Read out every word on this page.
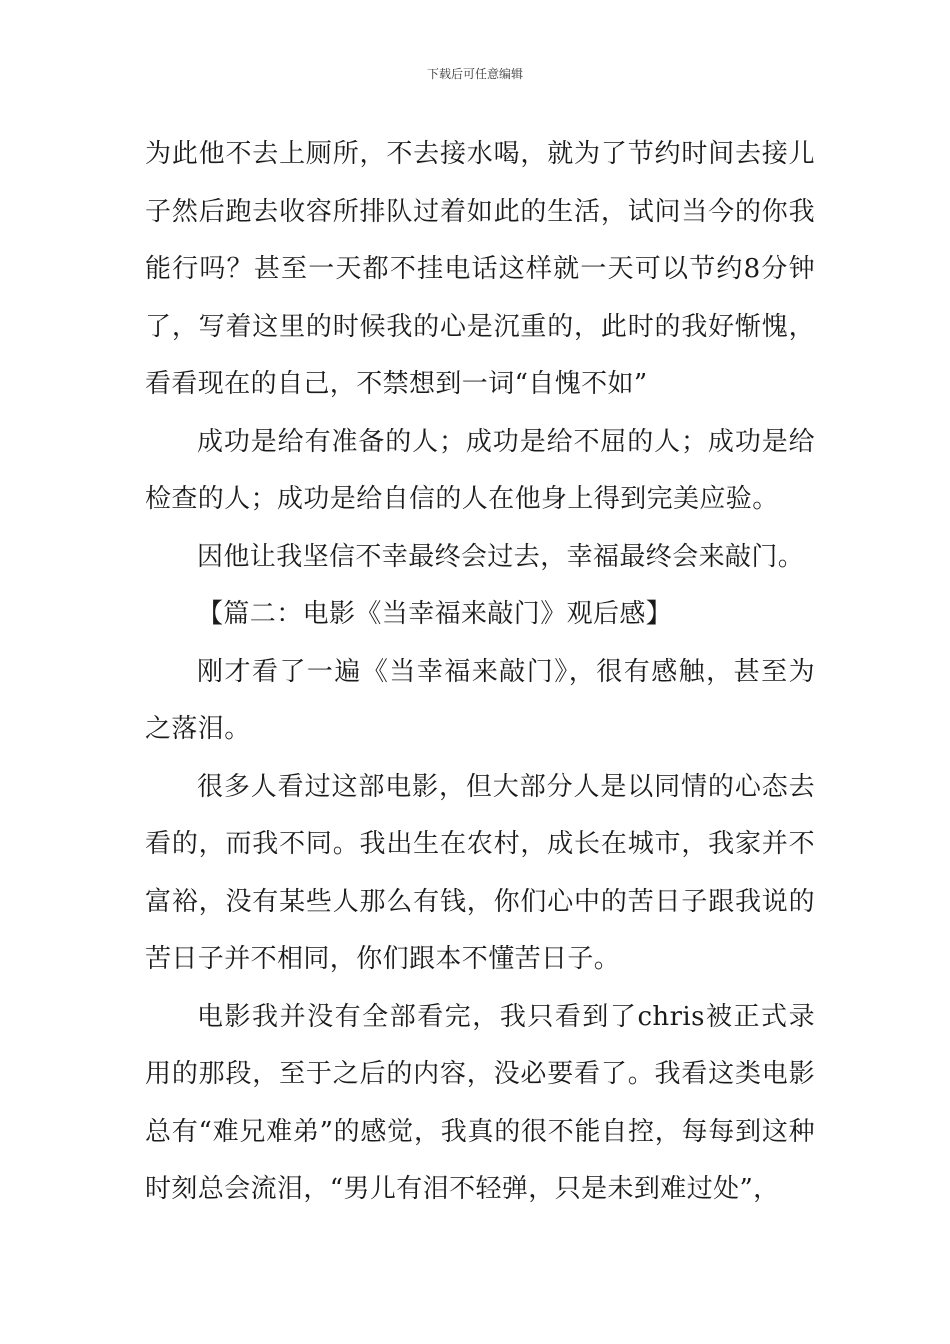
下载后可任意编辑

为此他不去上厕所，不去接水喝，就为了节约时间去接儿子然后跑去收容所排队过着如此的生活，试问当今的你我能行吗？甚至一天都不挂电话这样就一天可以节约8分钟了，写着这里的时候我的心是沉重的，此时的我好惭愧，看看现在的自己，不禁想到一词“自愧不如”

成功是给有准备的人；成功是给不屈的人；成功是给检查的人；成功是给自信的人在他身上得到完美应验。

因他让我坚信不幸最终会过去，幸福最终会来敲门。

【篇二：电影《当幸福来敲门》观后感】

刚才看了一遍《当幸福来敲门》，很有感触，甚至为之落泪。

很多人看过这部电影，但大部分人是以同情的心态去看的，而我不同。我出生在农村，成长在城市，我家并不富裕，没有某些人那么有钱，你们心中的苦日子跟我说的苦日子并不相同，你们跟本不懂苦日子。

电影我并没有全部看完，我只看到了chris被正式录用的那段，至于之后的内容，没必要看了。我看这类电影总有“难兄难弟”的感觉，我真的很不能自控，每每到这种时刻总会流泪，“男儿有泪不轻弹，只是未到难过处”，
